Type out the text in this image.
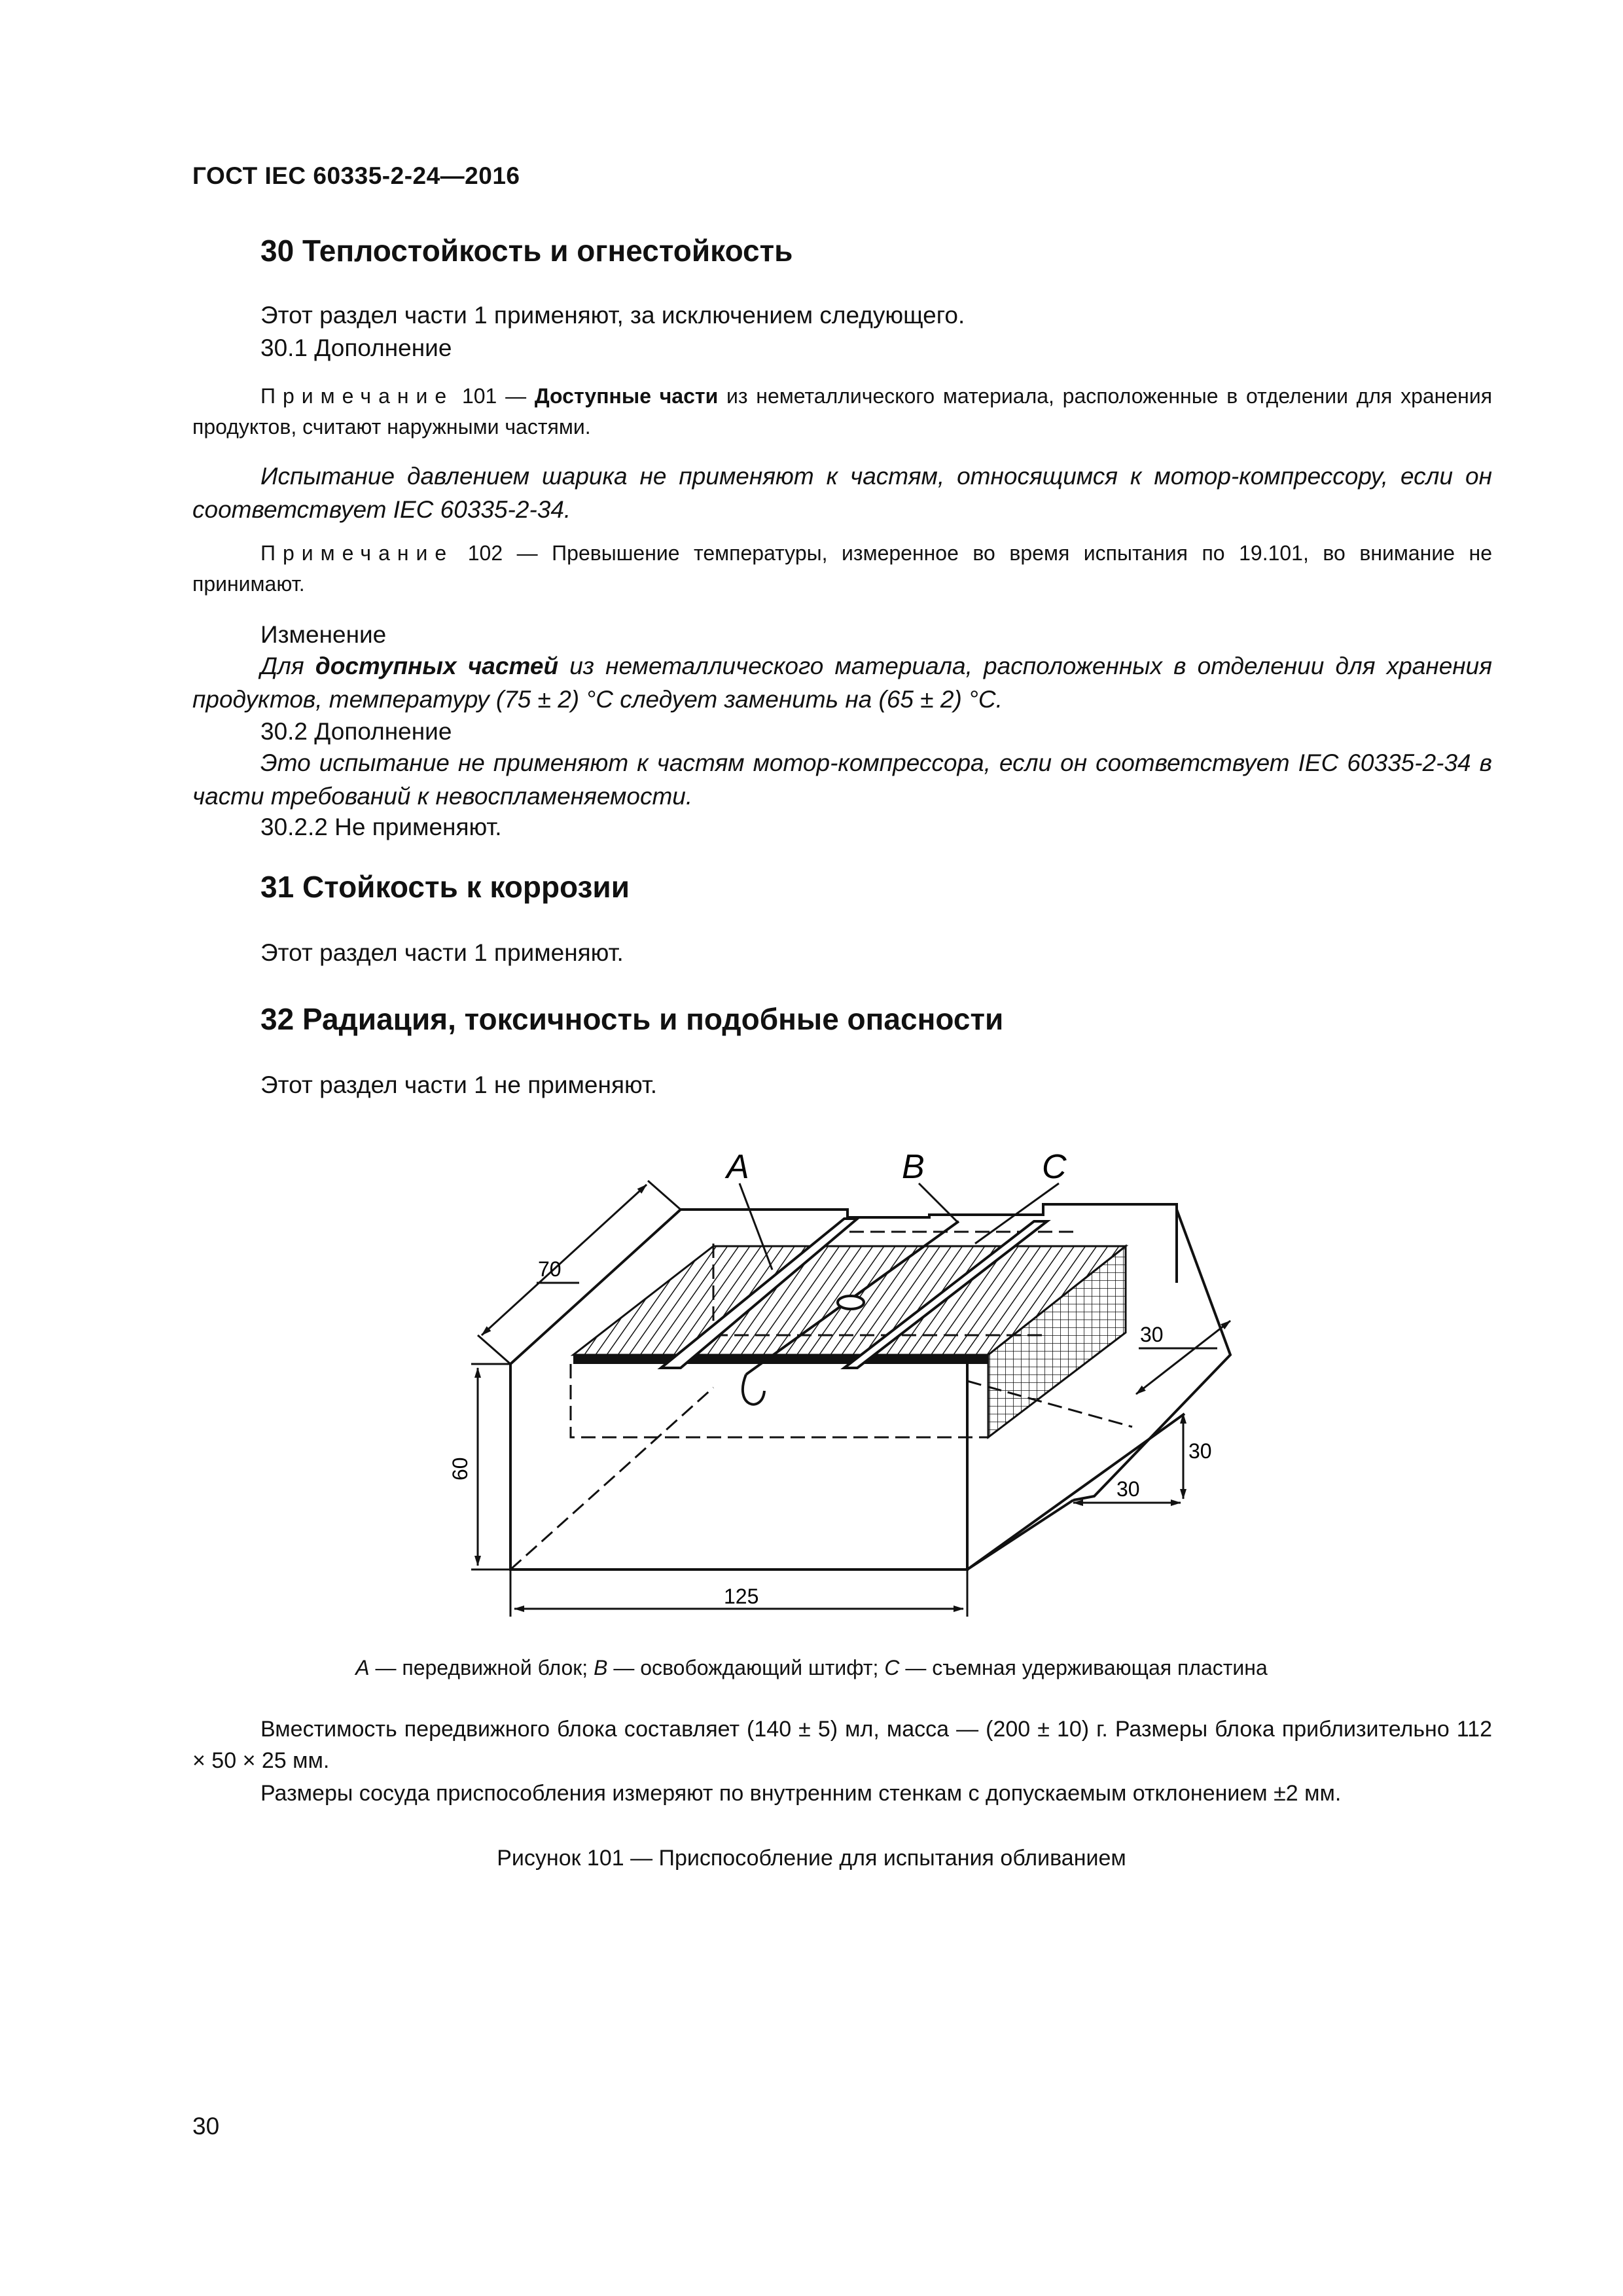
ГОСТ IEC 60335-2-24—2016
30 Теплостойкость и огнестойкость
Этот раздел части 1 применяют, за исключением следующего.
30.1 Дополнение
Примечание 101 — Доступные части из неметаллического материала, расположенные в отделении для хранения продуктов, считают наружными частями.
Испытание давлением шарика не применяют к частям, относящимся к мотор-компрессору, если он соответствует IEC 60335-2-34.
Примечание 102 — Превышение температуры, измеренное во время испытания по 19.101, во внимание не принимают.
Изменение
Для доступных частей из неметаллического материала, расположенных в отделении для хранения продуктов, температуру (75 ± 2) °C следует заменить на (65 ± 2) °C.
30.2 Дополнение
Это испытание не применяют к частям мотор-компрессора, если он соответствует IEC 60335-2-34 в части требований к невоспламеняемости.
30.2.2 Не применяют.
31 Стойкость к коррозии
Этот раздел части 1 применяют.
32 Радиация, токсичность и подобные опасности
Этот раздел части 1 не применяют.
A	B	C
70
60
125
30
30
30
A — передвижной блок; B — освобождающий штифт; C — съемная удерживающая пластина
Вместимость передвижного блока составляет (140 ± 5) мл, масса — (200 ± 10) г. Размеры блока приблизительно 112 × 50 × 25 мм.
Размеры сосуда приспособления измеряют по внутренним стенкам с допускаемым отклонением ±2 мм.
Рисунок 101 — Приспособление для испытания обливанием
30
